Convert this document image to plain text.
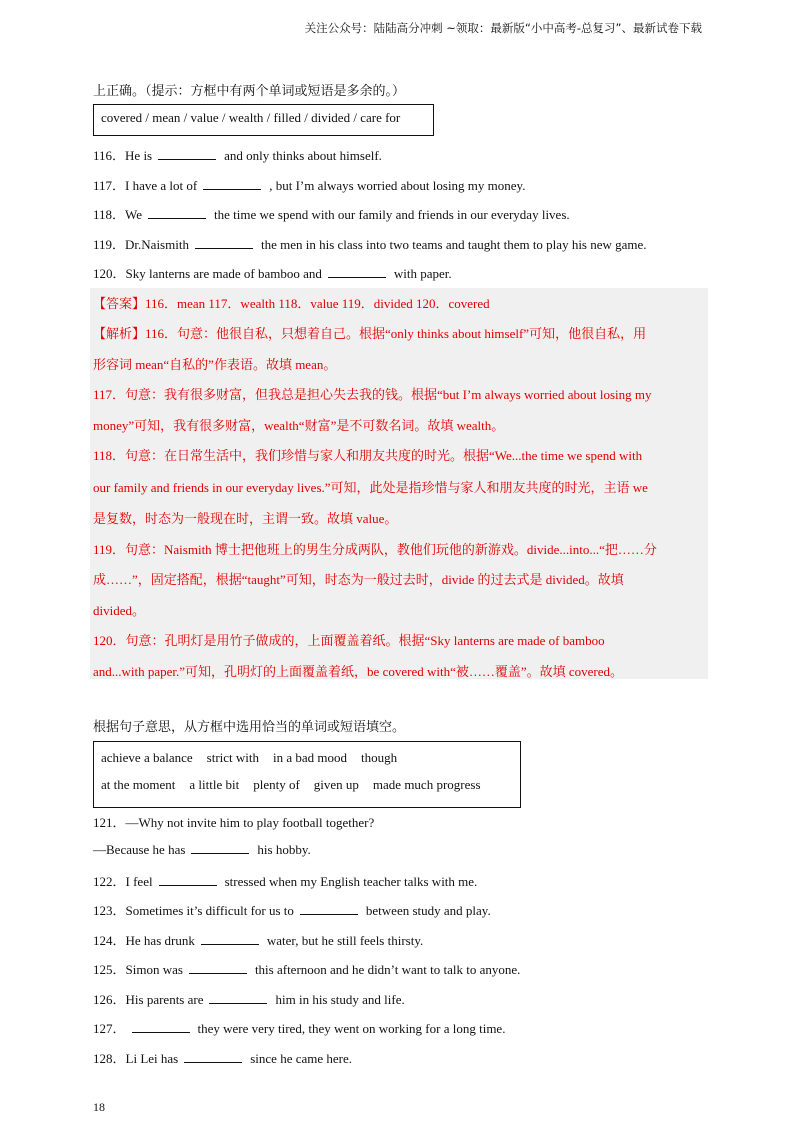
关注公众号：陆陆高分冲刺 ~领取：最新版“小中高考-总复习”、最新试卷下载
上正确。（提示：方框中有两个单词或短语是多余的。）
covered / mean / value / wealth / filled / divided / care for
116．He is	and only thinks about himself.
117．I have a lot of	, but I’m always worried about losing my money.
118．We	the time we spend with our family and friends in our everyday lives.
119．Dr.Naismith	the men in his class into two teams and taught them to play his new game.
120．Sky lanterns are made of bamboo and	with paper.
【答案】116．mean 117．wealth 118．value 119．divided 120．covered
【解析】116．句意：他很自私，只想着自己。根据“only thinks about himself”可知，他很自私，用
形容词 mean“自私的”作表语。故填 mean。
117．句意：我有很多财富，但我总是担心失去我的钱。根据“but I’m always worried about losing my
money”可知，我有很多财富，wealth“财富”是不可数名词。故填 wealth。
118．句意：在日常生活中，我们珍惜与家人和朋友共度的时光。根据“We...the time we spend with
our family and friends in our everyday lives.”可知，此处是指珍惜与家人和朋友共度的时光，主语 we
是复数，时态为一般现在时，主谓一致。故填 value。
119．句意：Naismith 博士把他班上的男生分成两队，教他们玩他的新游戏。divide...into...“把……分
成……”，固定搭配，根据“taught”可知，时态为一般过去时，divide 的过去式是 divided。故填
divided。
120．句意：孔明灯是用竹子做成的，上面覆盖着纸。根据“Sky lanterns are made of bamboo
and...with paper.”可知，孔明灯的上面覆盖着纸，be covered with“被……覆盖”。故填 covered。
根据句子意思，从方框中选用恰当的单词或短语填空。
achieve a balance strict with in a bad mood though
at the moment a little bit plenty of given up made much progress
121．—Why not invite him to play football together?
—Because he has	his hobby.
122．I feel	stressed when my English teacher talks with me.
123．Sometimes it’s difficult for us to	between study and play.
124．He has drunk	water, but he still feels thirsty.
125．Simon was	this afternoon and he didn’t want to talk to anyone.
126．His parents are	him in his study and life.
127．	they were very tired, they went on working for a long time.
128．Li Lei has	since he came here.
18
